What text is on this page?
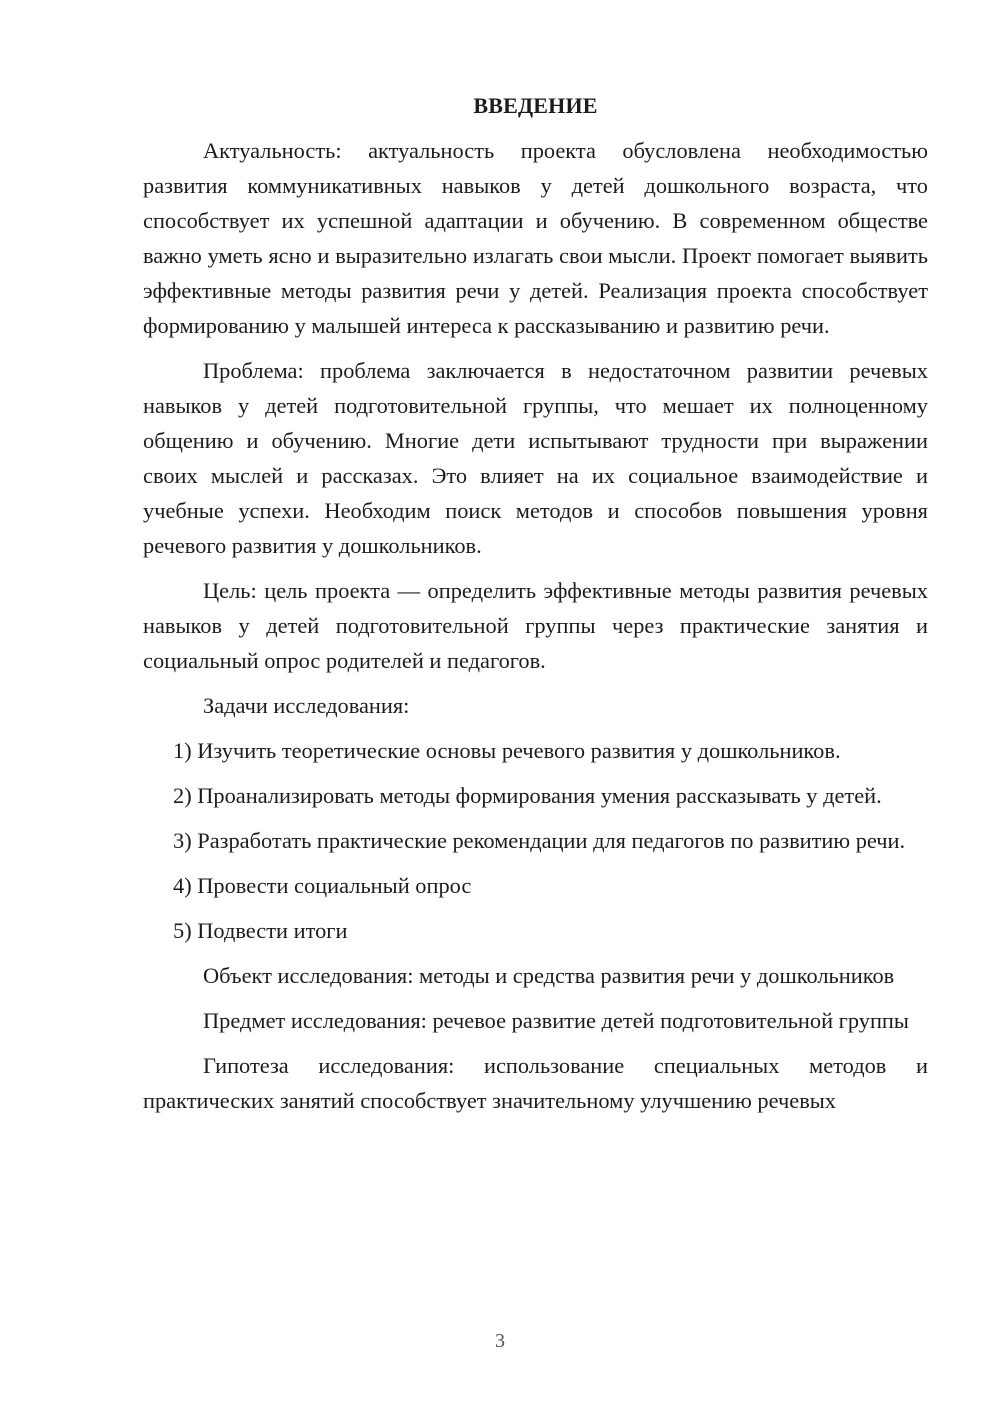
ВВЕДЕНИЕ

Актуальность: актуальность проекта обусловлена необходимостью развития коммуникативных навыков у детей дошкольного возраста, что способствует их успешной адаптации и обучению. В современном обществе важно уметь ясно и выразительно излагать свои мысли. Проект помогает выявить эффективные методы развития речи у детей. Реализация проекта способствует формированию у малышей интереса к рассказыванию и развитию речи.

Проблема: проблема заключается в недостаточном развитии речевых навыков у детей подготовительной группы, что мешает их полноценному общению и обучению. Многие дети испытывают трудности при выражении своих мыслей и рассказах. Это влияет на их социальное взаимодействие и учебные успехи. Необходим поиск методов и способов повышения уровня речевого развития у дошкольников.

Цель: цель проекта — определить эффективные методы развития речевых навыков у детей подготовительной группы через практические занятия и социальный опрос родителей и педагогов.

Задачи исследования:

1) Изучить теоретические основы речевого развития у дошкольников.

2) Проанализировать методы формирования умения рассказывать у детей.

3) Разработать практические рекомендации для педагогов по развитию речи.

4) Провести социальный опрос

5) Подвести итоги

Объект исследования: методы и средства развития речи у дошкольников

Предмет исследования: речевое развитие детей подготовительной группы

Гипотеза исследования: использование специальных методов и практических занятий способствует значительному улучшению речевых

3
